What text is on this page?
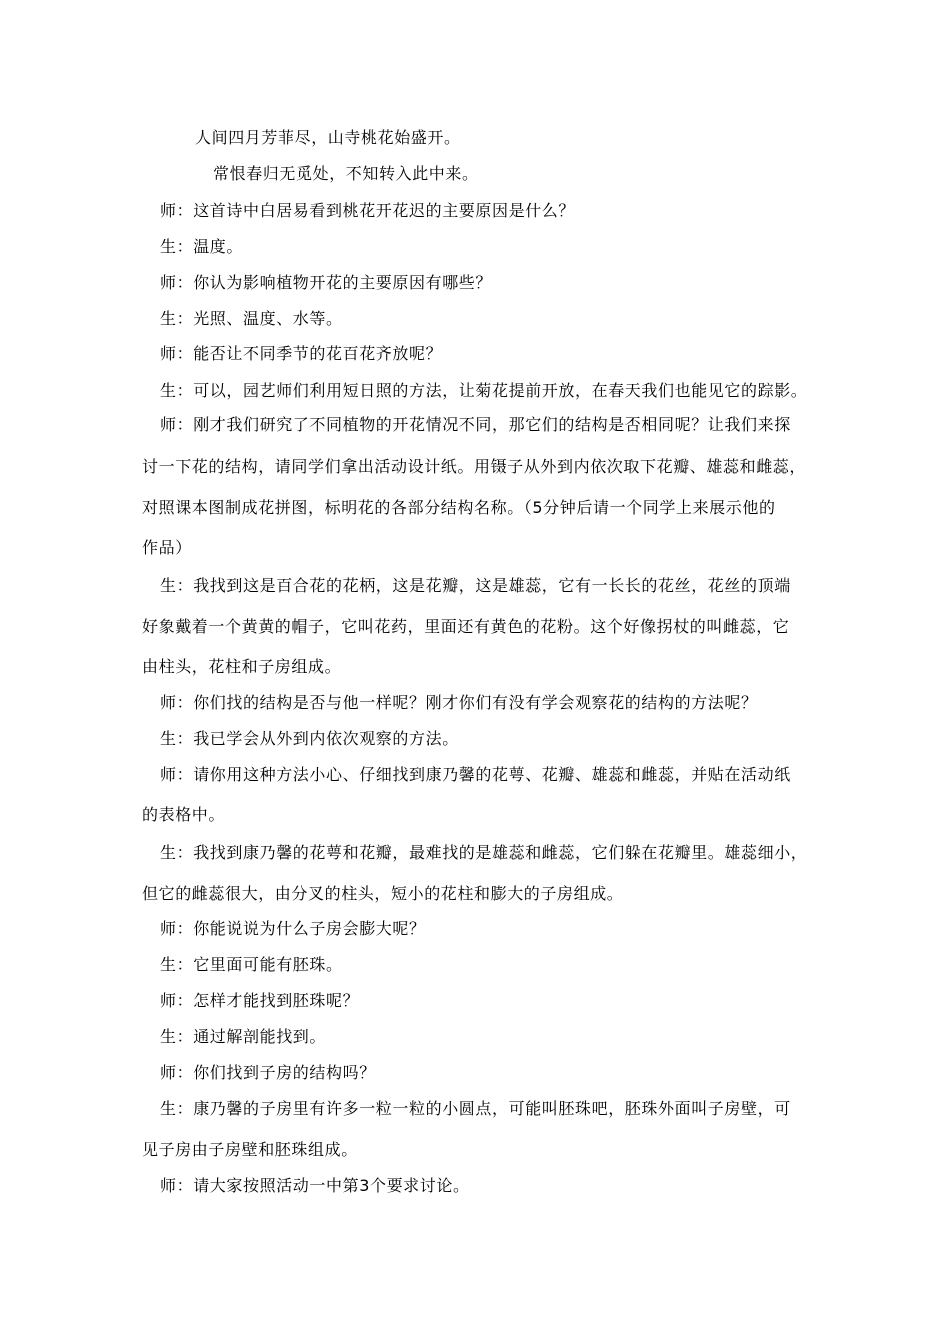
人间四月芳菲尽，山寺桃花始盛开。
常恨春归无觅处，不知转入此中来。
师：这首诗中白居易看到桃花开花迟的主要原因是什么？
生：温度。
师：你认为影响植物开花的主要原因有哪些？
生：光照、温度、水等。
师：能否让不同季节的花百花齐放呢？
生：可以，园艺师们利用短日照的方法，让菊花提前开放，在春天我们也能见它的踪影。
师：刚才我们研究了不同植物的开花情况不同，那它们的结构是否相同呢？让我们来探
讨一下花的结构，请同学们拿出活动设计纸。用镊子从外到内依次取下花瓣、雄蕊和雌蕊，
对照课本图制成花拼图，标明花的各部分结构名称。（5分钟后请一个同学上来展示他的
作品）
生：我找到这是百合花的花柄，这是花瓣，这是雄蕊，它有一长长的花丝，花丝的顶端
好象戴着一个黄黄的帽子，它叫花药，里面还有黄色的花粉。这个好像拐杖的叫雌蕊，它
由柱头，花柱和子房组成。
师：你们找的结构是否与他一样呢？刚才你们有没有学会观察花的结构的方法呢？
生：我已学会从外到内依次观察的方法。
师：请你用这种方法小心、仔细找到康乃馨的花萼、花瓣、雄蕊和雌蕊，并贴在活动纸
的表格中。
生：我找到康乃馨的花萼和花瓣，最难找的是雄蕊和雌蕊，它们躲在花瓣里。雄蕊细小，
但它的雌蕊很大，由分叉的柱头，短小的花柱和膨大的子房组成。
师：你能说说为什么子房会膨大呢？
生：它里面可能有胚珠。
师：怎样才能找到胚珠呢？
生：通过解剖能找到。
师：你们找到子房的结构吗？
生：康乃馨的子房里有许多一粒一粒的小圆点，可能叫胚珠吧，胚珠外面叫子房壁，可
见子房由子房壁和胚珠组成。
师：请大家按照活动一中第3个要求讨论。
